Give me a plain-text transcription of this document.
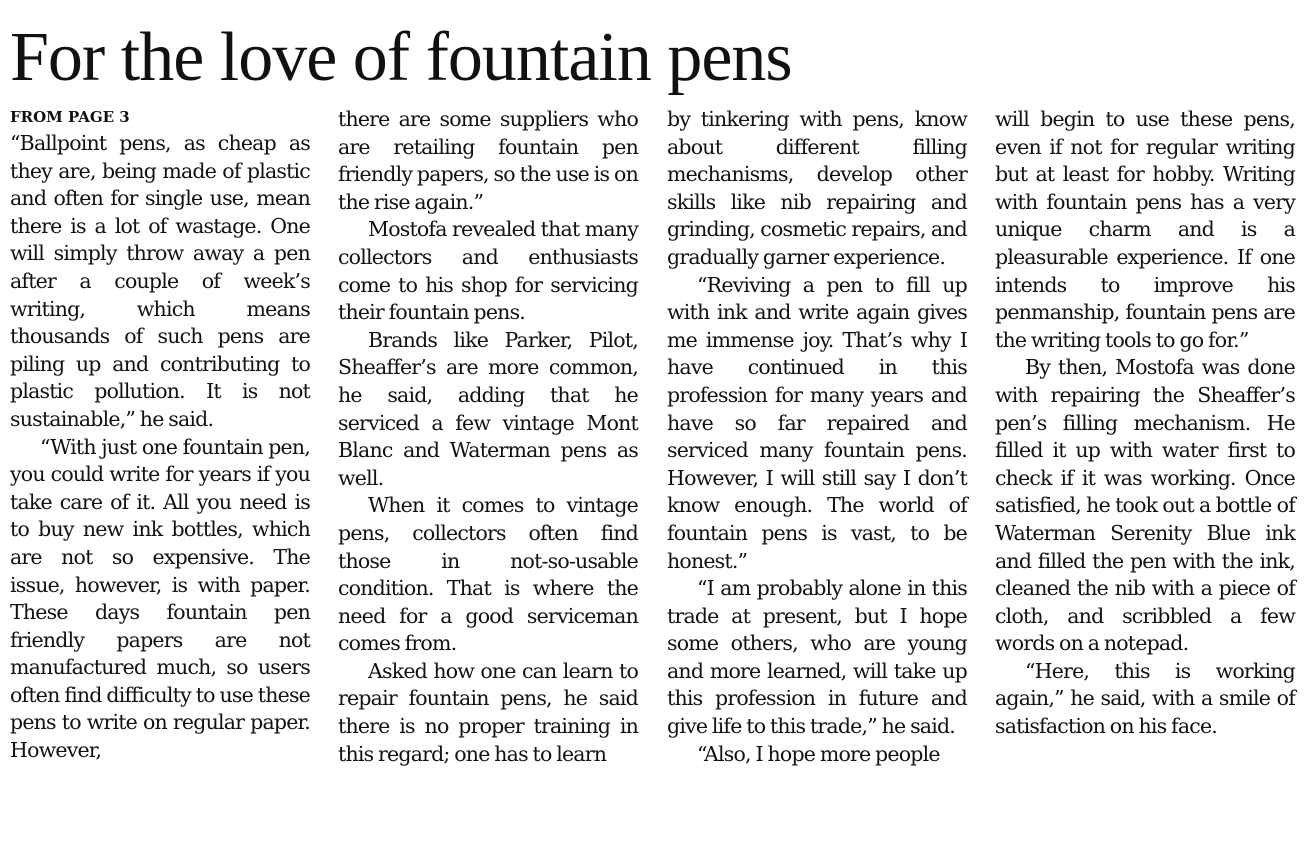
For the love of fountain pens
FROM PAGE 3

“Ballpoint pens, as cheap as they are, being made of plastic and often for single use, mean there is a lot of wastage. One will simply throw away a pen after a couple of week’s writing, which means thousands of such pens are piling up and contributing to plastic pollution. It is not sustainable,” he said.

“With just one fountain pen, you could write for years if you take care of it. All you need is to buy new ink bottles, which are not so expensive. The issue, however, is with paper. These days fountain pen friendly papers are not manufactured much, so users often find difficulty to use these pens to write on regular paper. However,

there are some suppliers who are retailing fountain pen friendly papers, so the use is on the rise again.”

Mostofa revealed that many collectors and enthusiasts come to his shop for servicing their fountain pens.

Brands like Parker, Pilot, Sheaffer’s are more common, he said, adding that he serviced a few vintage Mont Blanc and Waterman pens as well.

When it comes to vintage pens, collectors often find those in not-so-usable condition. That is where the need for a good serviceman comes from.

Asked how one can learn to repair fountain pens, he said there is no proper training in this regard; one has to learn

by tinkering with pens, know about different filling mechanisms, develop other skills like nib repairing and grinding, cosmetic repairs, and gradually garner experience.

“Reviving a pen to fill up with ink and write again gives me immense joy. That’s why I have continued in this profession for many years and have so far repaired and serviced many fountain pens. However, I will still say I don’t know enough. The world of fountain pens is vast, to be honest.”

“I am probably alone in this trade at present, but I hope some others, who are young and more learned, will take up this profession in future and give life to this trade,” he said.

“Also, I hope more people

will begin to use these pens, even if not for regular writing but at least for hobby. Writing with fountain pens has a very unique charm and is a pleasurable experience. If one intends to improve his penmanship, fountain pens are the writing tools to go for.”

By then, Mostofa was done with repairing the Sheaffer’s pen’s filling mechanism. He filled it up with water first to check if it was working. Once satisfied, he took out a bottle of Waterman Serenity Blue ink and filled the pen with the ink, cleaned the nib with a piece of cloth, and scribbled a few words on a notepad.

“Here, this is working again,” he said, with a smile of satisfaction on his face.
